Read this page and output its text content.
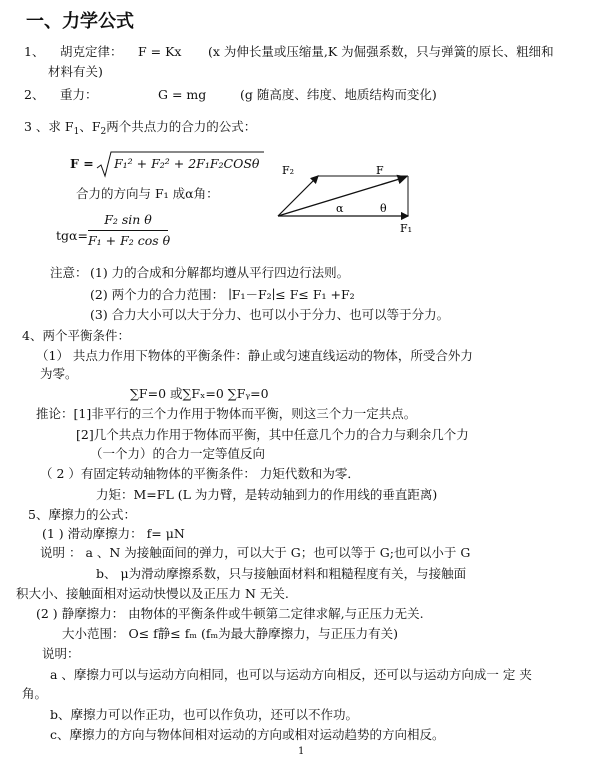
一、力学公式
1、 胡克定律： F = Kx (x 为伸长量或压缩量,K 为倔强系数，只与弹簧的原长、粗细和
材料有关)
2、 重力：	G = mg	(g 随高度、纬度、地质结构而变化)
3 、求 $F_1$、$F_2$两个共点力的合力的公式：
F = F₁² + F₂² + 2F₁F₂COSθ
合力的方向与 F₁ 成α角：
tgα=
F₂ sin θ
F₁ + F₂ cos θ
F₂	F
α	θ
F₁
注意： (1) 力的合成和分解都均遵从平行四边行法则。
(2) 两个力的合力范围： ∣F₁－F₂∣≤ F≤ F₁ +F₂
(3) 合力大小可以大于分力、也可以小于分力、也可以等于分力。
4、两个平衡条件：
（1） 共点力作用下物体的平衡条件：静止或匀速直线运动的物体，所受合外力
为零。
∑F=0 或∑Fₓ=0 ∑Fᵧ=0
推论：[1]非平行的三个力作用于物体而平衡，则这三个力一定共点。
[2]几个共点力作用于物体而平衡，其中任意几个力的合力与剩余几个力
（一个力）的合力一定等值反向
（ 2 ）有固定转动轴物体的平衡条件： 力矩代数和为零．
力矩：M=FL (L 为力臂，是转动轴到力的作用线的垂直距离)
5、摩擦力的公式：
(1 ) 滑动摩擦力： f= μN
说明 ： a 、N 为接触面间的弹力，可以大于 G；也可以等于 G;也可以小于 G
b、 μ为滑动摩擦系数，只与接触面材料和粗糙程度有关，与接触面
积大小、接触面相对运动快慢以及正压力 N 无关.
(2 ) 静摩擦力： 由物体的平衡条件或牛顿第二定律求解,与正压力无关.
大小范围： O≤ f静≤ fₘ (fₘ为最大静摩擦力，与正压力有关)
说明：
a 、摩擦力可以与运动方向相同，也可以与运动方向相反，还可以与运动方向成一 定 夹
角。
b、摩擦力可以作正功，也可以作负功，还可以不作功。
c、摩擦力的方向与物体间相对运动的方向或相对运动趋势的方向相反。
1
